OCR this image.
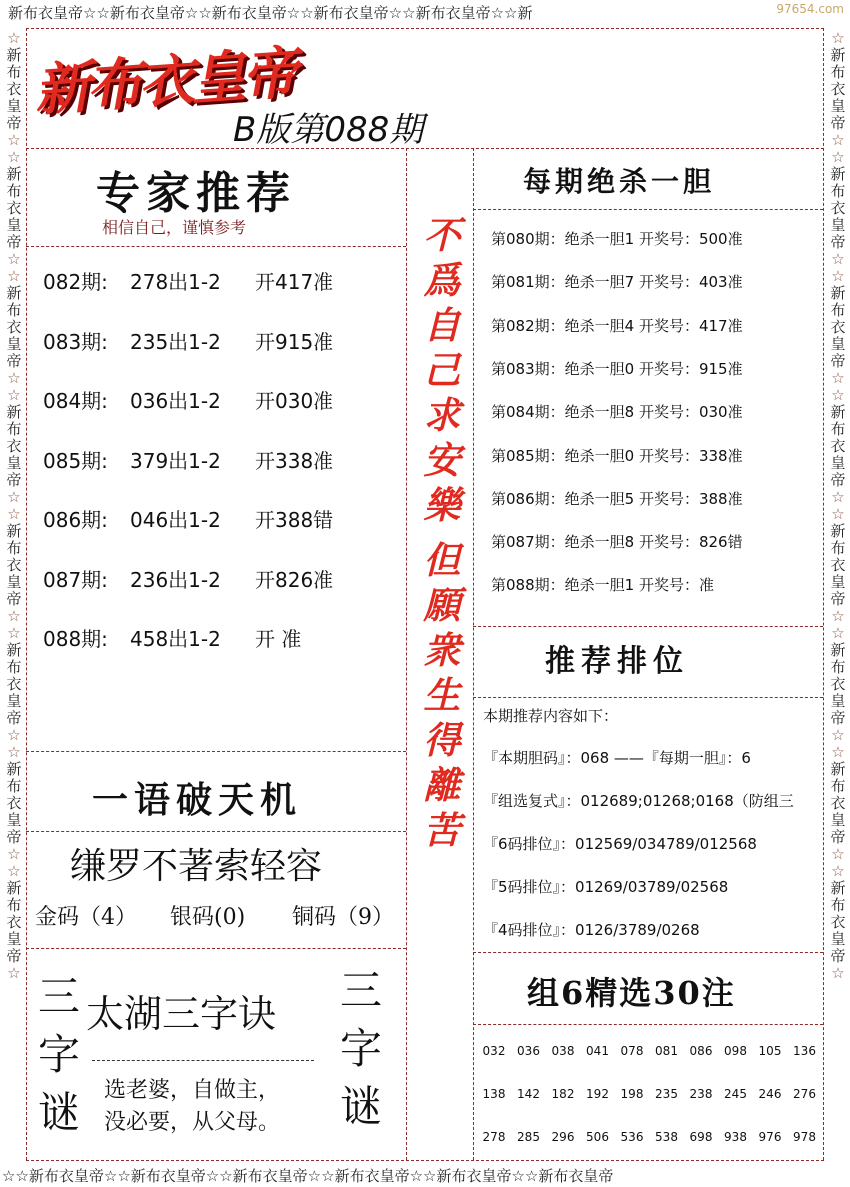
97654.com
新布衣皇帝☆☆新布衣皇帝☆☆新布衣皇帝☆☆新布衣皇帝☆☆新布衣皇帝☆☆新
☆☆新布衣皇帝☆☆新布衣皇帝☆☆新布衣皇帝☆☆新布衣皇帝☆☆新布衣皇帝☆☆新布衣皇帝
☆
新
布
衣
皇
帝
☆

☆
新
布
衣
皇
帝
☆

☆
新
布
衣
皇
帝
☆

☆
新
布
衣
皇
帝
☆

☆
新
布
衣
皇
帝
☆

☆
新
布
衣
皇
帝
☆

☆
新
布
衣
皇
帝
☆

☆
新
布
衣
皇
帝
☆

☆
新
布
衣
皇
帝
☆

☆
新
布
衣
皇
帝
☆

☆
新
布
衣
皇
帝
☆

☆
新
布
衣
皇
帝
☆

☆
新
布
衣
皇
帝
☆

☆
新
布
衣
皇
帝
☆

☆
新
布
衣
皇
帝
☆

☆
新
布
衣
皇
帝
☆

新布衣皇帝
B版第088期
专家推荐
相信自己，谨慎参考
082期: 278出1-2 开417准
083期: 235出1-2 开915准
084期: 036出1-2 开030准
085期: 379出1-2 开338准
086期: 046出1-2 开388错
087期: 236出1-2 开826准
088期: 458出1-2 开 准
不
爲
自
己
求
安
樂
但
願
衆
生
得
離
苦
每期绝杀一胆
第080期：绝杀一胆1 开奖号：500准
第081期：绝杀一胆7 开奖号：403准
第082期：绝杀一胆4 开奖号：417准
第083期：绝杀一胆0 开奖号：915准
第084期：绝杀一胆8 开奖号：030准
第085期：绝杀一胆0 开奖号：338准
第086期：绝杀一胆5 开奖号：388准
第087期：绝杀一胆8 开奖号：826错
第088期：绝杀一胆1 开奖号：准
推荐排位
本期推荐内容如下：
『本期胆码』：068 ——『每期一胆』：6
『组选复式』：012689;01268;0168（防组三
『6码排位』：012569/034789/012568
『5码排位』：01269/03789/02568
『4码排位』：0126/3789/0268
组6精选30注
032 036 038 041 078 081 086 098 105 136
138 142 182 192 198 235 238 245 246 276
278 285 296 506 536 538 698 938 976 978
一语破天机
缣罗不著索轻容
金码（4） 银码(0) 铜码（9）
三字谜
三字谜
太湖三字诀
选老婆，自做主，
没必要，从父母。
